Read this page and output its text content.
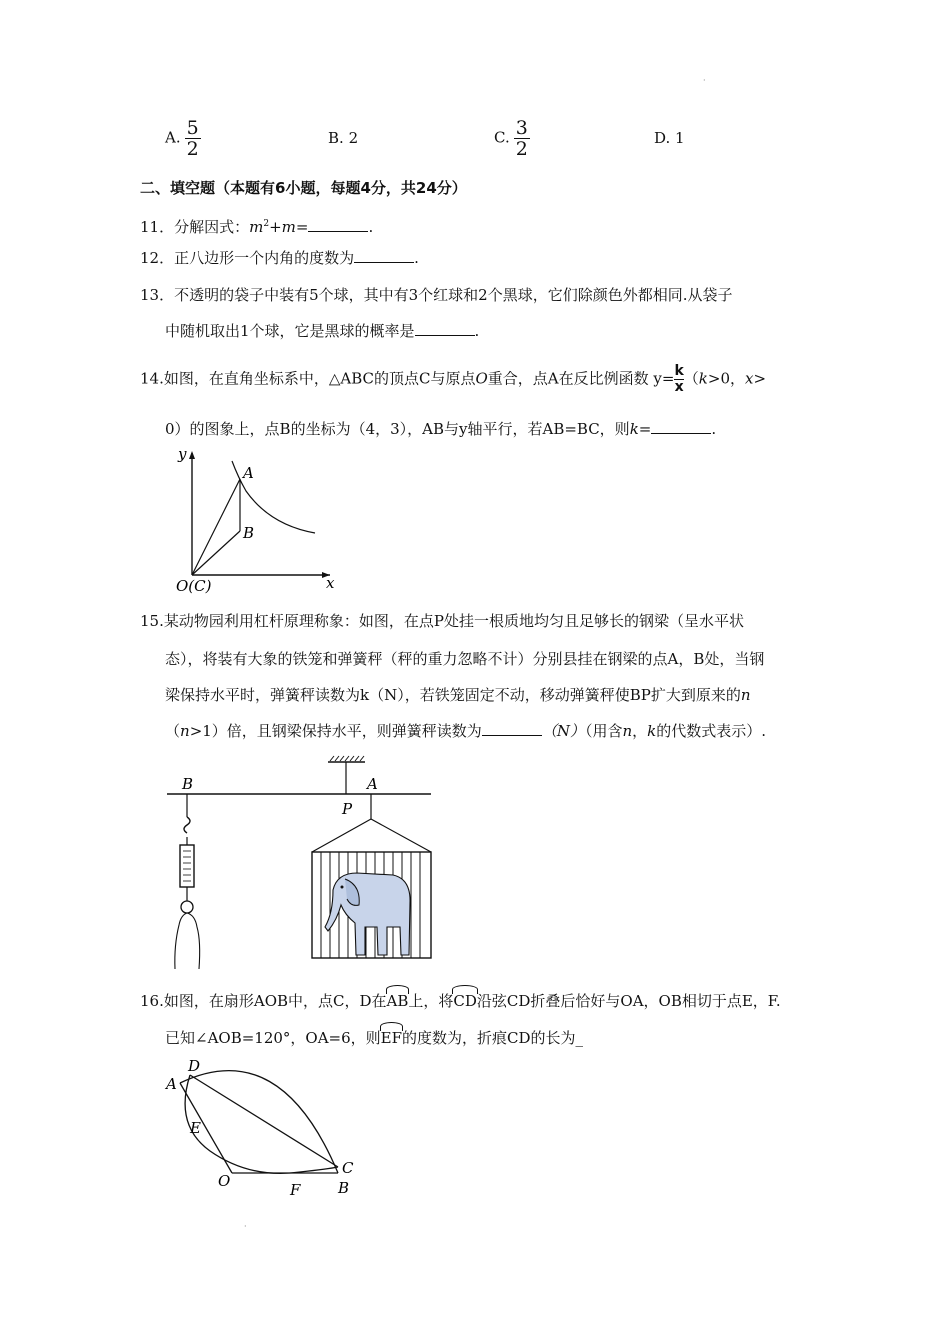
·
·
A. $\frac{5}{2}$	B. 2	C. $\frac{3}{2}$	D. 1
二、填空题（本题有6小题，每题4分，共24分）
11．分解因式：$m^2+m=$	.
12．正八边形一个内角的度数为	.
13．不透明的袋子中装有5个球，其中有3个红球和2个黑球，它们除颜色外都相同.从袋子
中随机取出1个球，它是黑球的概率是	.
14.如图，在直角坐标系中，△ABC的顶点C与原点O重合，点A在反比例函数 $y= \frac{k}{x}(k>0$，x>
0）的图象上，点B的坐标为（4，3），AB与y轴平行，若AB=BC，则k=	.
y
x
A
B
O(C)
15.某动物园利用杠杆原理称象：如图，在点P处挂一根质地均匀且足够长的钢梁（呈水平状
态），将装有大象的铁笼和弹簧秤（秤的重力忽略不计）分别县挂在钢梁的点A，B处，当钢
梁保持水平时，弹簧秤读数为k（N），若铁笼固定不动，移动弹簧秤使BP扩大到原来的n
（n>1）倍，且钢梁保持水平，则弹簧秤读数为	（N）（用含n，k的代数式表示）.
B	A
P
16.如图，在扇形AOB中，点C，D在AB上，将CD沿弦CD折叠后恰好与OA，OB相切于点E，F.
已知∠AOB=120°，OA=6，则EF的度数为，折痕CD的长为_
A
D
E
O	F	B
C
